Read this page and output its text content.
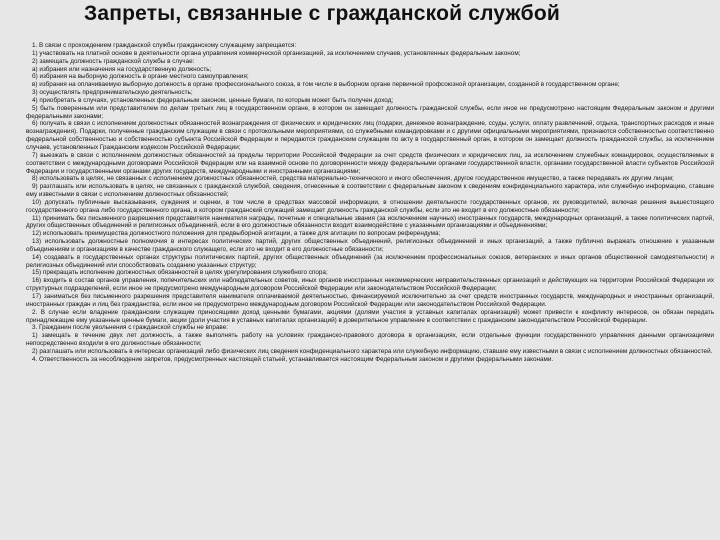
Запреты, связанные с гражданской службой

1. В связи с прохождением гражданской службы гражданскому служащему запрещается:

1) участвовать на платной основе в деятельности органа управления коммерческой организацией, за исключением случаев, установленных федеральным законом;

2) замещать должность гражданской службы в случае:

а) избрания или назначения на государственную должность;

б) избрания на выборную должность в органе местного самоуправления;

в) избрания на оплачиваемую выборную должность в органе профессионального союза, в том числе в выборном органе первичной профсоюзной организации, созданной в государственном органе;

3) осуществлять предпринимательскую деятельность;

4) приобретать в случаях, установленных федеральным законом, ценные бумаги, по которым может быть получен доход;

5) быть поверенным или представителем по делам третьих лиц в государственном органе, в котором он замещает должность гражданской службы, если иное не предусмотрено настоящим Федеральным законом и другими федеральными законами;

6) получать в связи с исполнением должностных обязанностей вознаграждения от физических и юридических лиц (подарки, денежное вознаграждение, ссуды, услуги, оплату развлечений, отдыха, транспортных расходов и иные вознаграждения). Подарки, полученные гражданским служащим в связи с протокольными мероприятиями, со служебными командировками и с другими официальными мероприятиями, признаются собственностью соответственно федеральной собственностью и собственностью субъекта Российской Федерации и передаются гражданским служащим по акту в государственный орган, в котором он замещает должность гражданской службы, за исключением случаев, установленных Гражданским кодексом Российской Федерации;

7) выезжать в связи с исполнением должностных обязанностей за пределы территории Российской Федерации за счет средств физических и юридических лиц, за исключением служебных командировок, осуществляемых в соответствии с международными договорами Российской Федерации или на взаимной основе по договоренности между федеральными органами государственной власти, органами государственной власти субъектов Российской Федерации и государственными органами других государств, международными и иностранными организациями;

8) использовать в целях, не связанных с исполнением должностных обязанностей, средства материально-технического и иного обеспечения, другое государственное имущество, а также передавать их другим лицам;

9) разглашать или использовать в целях, не связанных с гражданской службой, сведения, отнесенные в соответствии с федеральным законом к сведениям конфиденциального характера, или служебную информацию, ставшие ему известными в связи с исполнением должностных обязанностей;

10) допускать публичные высказывания, суждения и оценки, в том числе в средствах массовой информации, в отношении деятельности государственных органов, их руководителей, включая решения вышестоящего государственного органа либо государственного органа, в котором гражданский служащий замещает должность гражданской службы, если это не входит в его должностные обязанности;

11) принимать без письменного разрешения представителя нанимателя награды, почетные и специальные звания (за исключением научных) иностранных государств, международных организаций, а также политических партий, других общественных объединений и религиозных объединений, если в его должностные обязанности входит взаимодействие с указанными организациями и объединениями;

12) использовать преимущества должностного положения для предвыборной агитации, а также для агитации по вопросам референдума;

13) использовать должностные полномочия в интересах политических партий, других общественных объединений, религиозных объединений и иных организаций, а также публично выражать отношение к указанным объединениям и организациям в качестве гражданского служащего, если это не входит в его должностные обязанности;

14) создавать в государственных органах структуры политических партий, других общественных объединений (за исключением профессиональных союзов, ветеранских и иных органов общественной самодеятельности) и религиозных объединений или способствовать созданию указанных структур;

15) прекращать исполнение должностных обязанностей в целях урегулирования служебного спора;

16) входить в состав органов управления, попечительских или наблюдательных советов, иных органов иностранных некоммерческих неправительственных организаций и действующих на территории Российской Федерации их структурных подразделений, если иное не предусмотрено международным договором Российской Федерации или законодательством Российской Федерации;

17) заниматься без письменного разрешения представителя нанимателя оплачиваемой деятельностью, финансируемой исключительно за счет средств иностранных государств, международных и иностранных организаций, иностранных граждан и лиц без гражданства, если иное не предусмотрено международным договором Российской Федерации или законодательством Российской Федерации.

2. В случае если владение гражданским служащим приносящими доход ценными бумагами, акциями (долями участия в уставных капиталах организаций) может привести к конфликту интересов, он обязан передать принадлежащие ему указанные ценные бумаги, акции (доли участия в уставных капиталах организаций) в доверительное управление в соответствии с гражданским законодательством Российской Федерации.

3. Гражданин после увольнения с гражданской службы не вправе:

1) замещать в течение двух лет должность, а также выполнять работу на условиях гражданско-правового договора в организациях, если отдельные функции государственного управления данными организациями непосредственно входили в его должностные обязанности;

2) разглашать или использовать в интересах организаций либо физических лиц сведения конфиденциального характера или служебную информацию, ставшие ему известными в связи с исполнением должностных обязанностей.

4. Ответственность за несоблюдение запретов, предусмотренных настоящей статьей, устанавливается настоящим Федеральным законом и другими федеральными законами.
